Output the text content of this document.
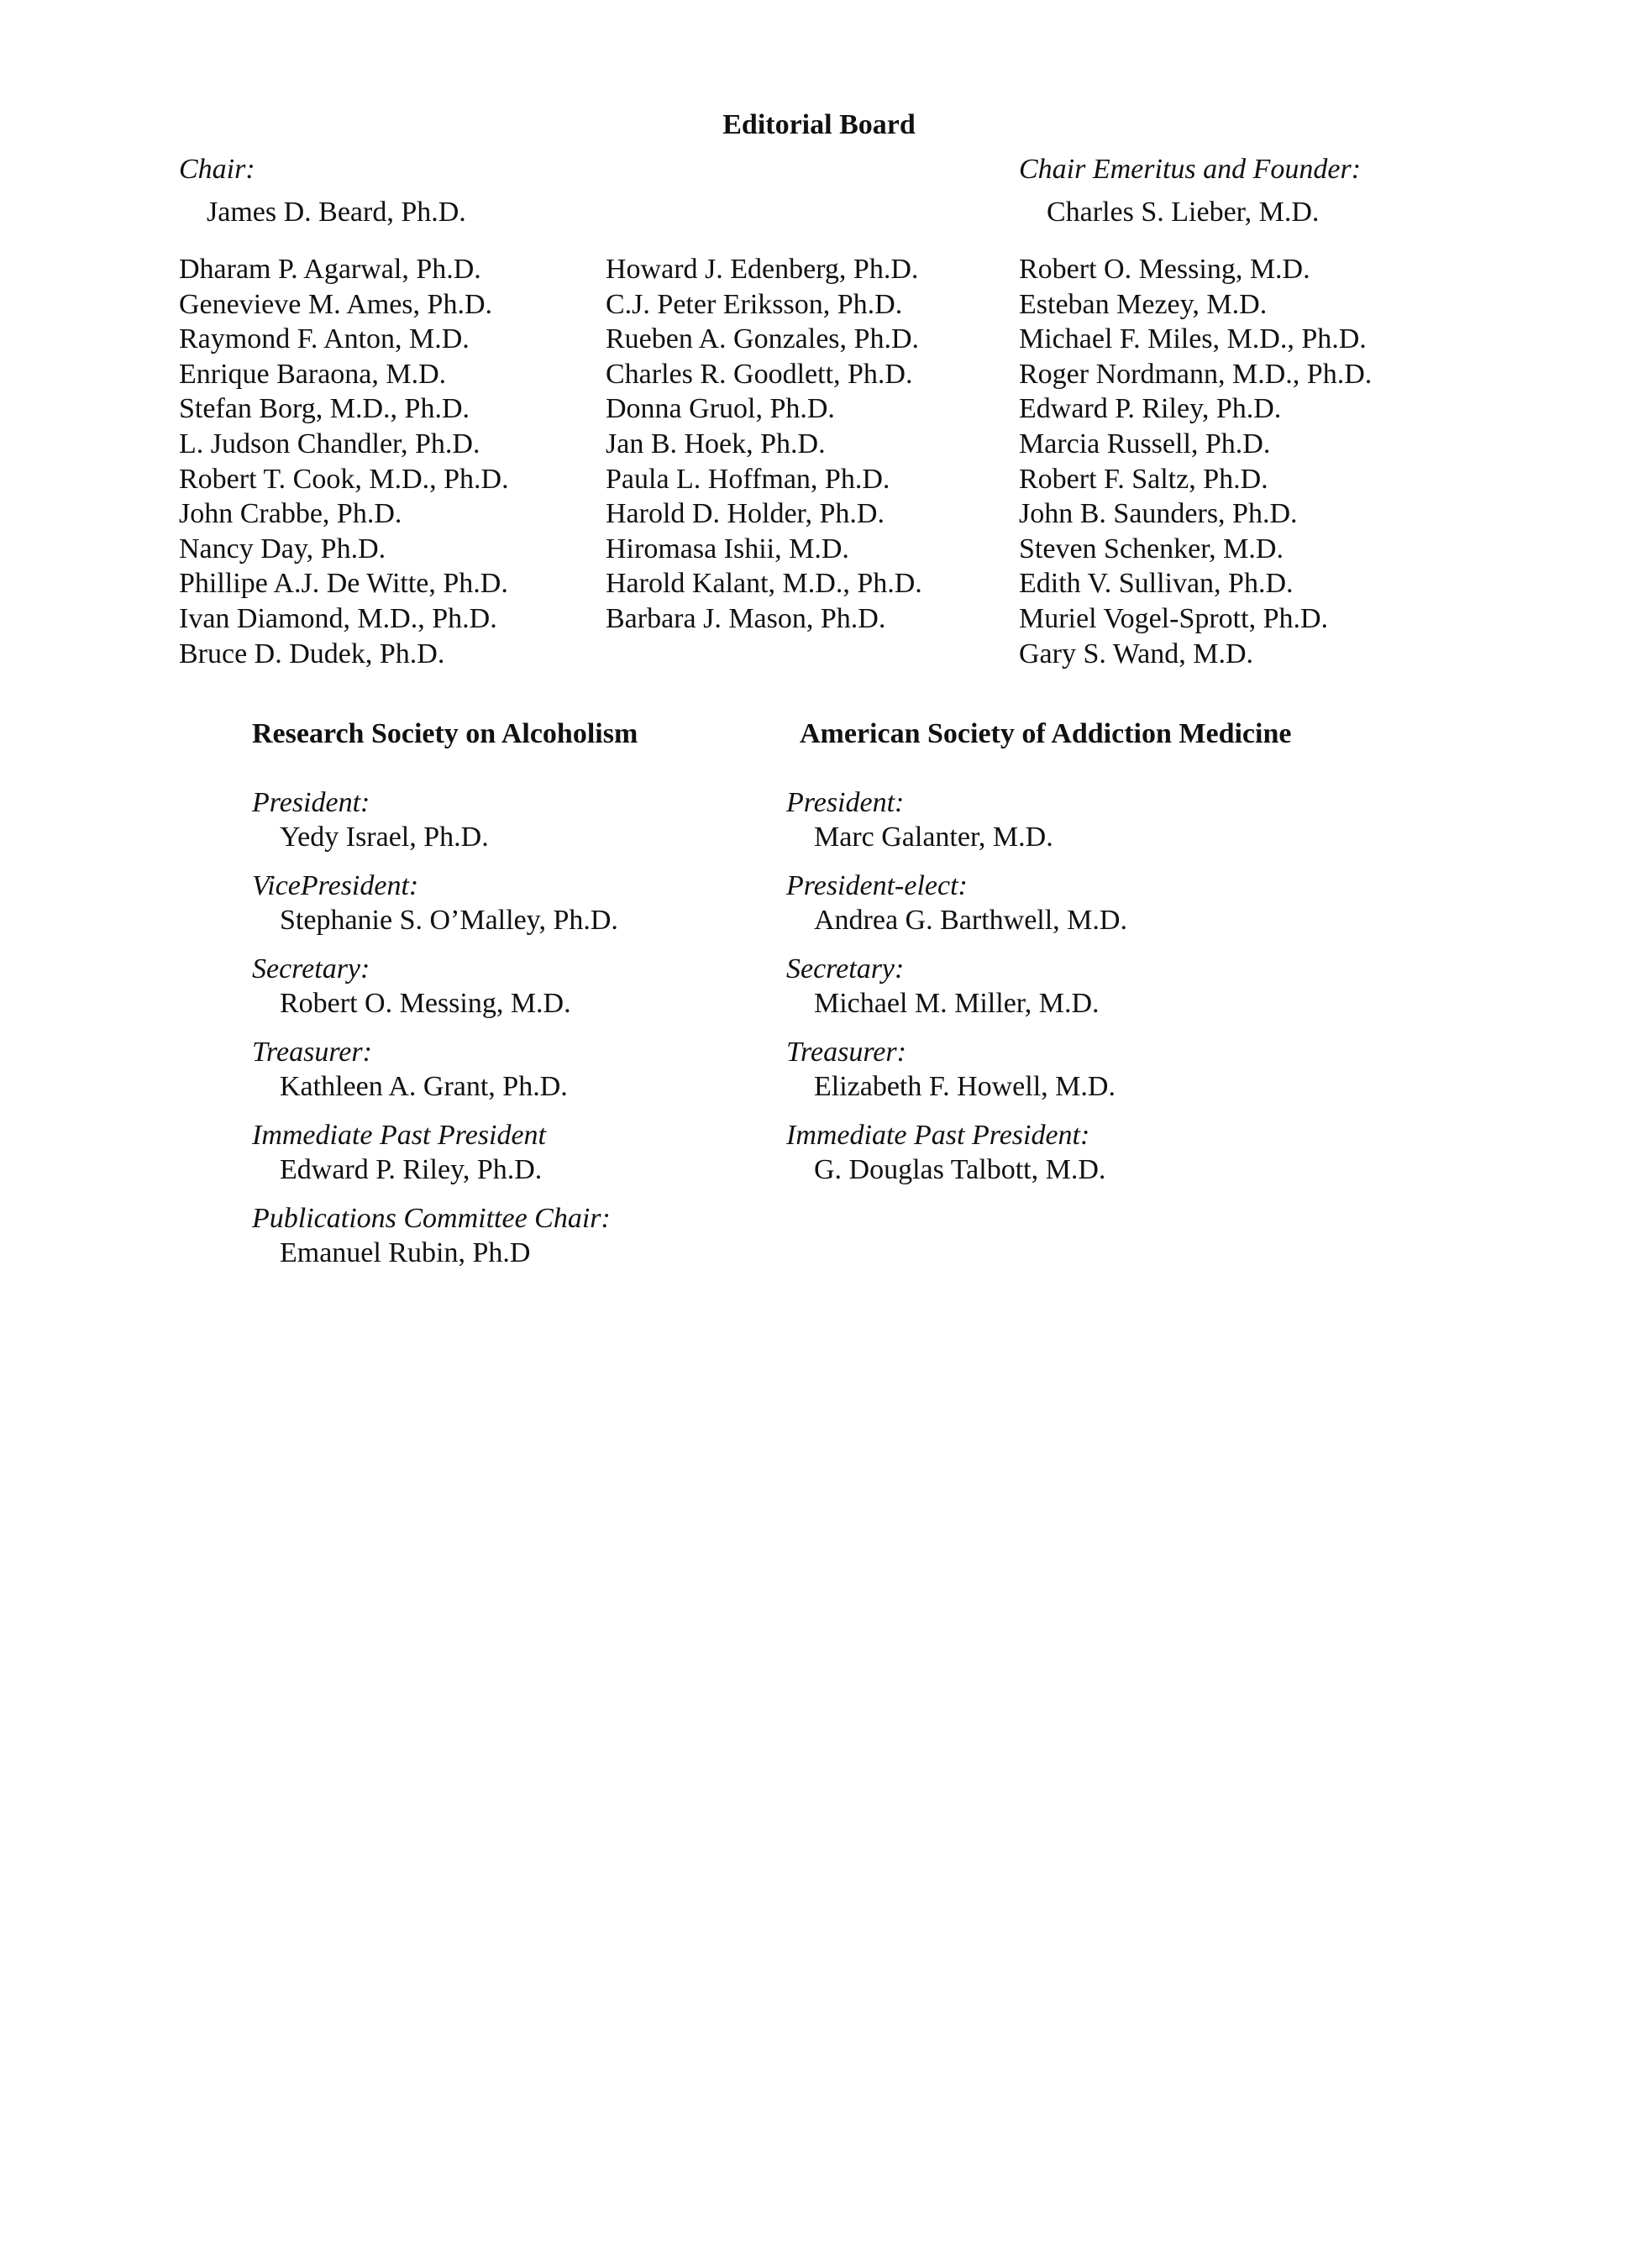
Editorial Board
Chair:
James D. Beard, Ph.D.
Chair Emeritus and Founder:
Charles S. Lieber, M.D.
Dharam P. Agarwal, Ph.D.
Genevieve M. Ames, Ph.D.
Raymond F. Anton, M.D.
Enrique Baraona, M.D.
Stefan Borg, M.D., Ph.D.
L. Judson Chandler, Ph.D.
Robert T. Cook, M.D., Ph.D.
John Crabbe, Ph.D.
Nancy Day, Ph.D.
Phillipe A.J. De Witte, Ph.D.
Ivan Diamond, M.D., Ph.D.
Bruce D. Dudek, Ph.D.
Howard J. Edenberg, Ph.D.
C.J. Peter Eriksson, Ph.D.
Rueben A. Gonzales, Ph.D.
Charles R. Goodlett, Ph.D.
Donna Gruol, Ph.D.
Jan B. Hoek, Ph.D.
Paula L. Hoffman, Ph.D.
Harold D. Holder, Ph.D.
Hiromasa Ishii, M.D.
Harold Kalant, M.D., Ph.D.
Barbara J. Mason, Ph.D.
Robert O. Messing, M.D.
Esteban Mezey, M.D.
Michael F. Miles, M.D., Ph.D.
Roger Nordmann, M.D., Ph.D.
Edward P. Riley, Ph.D.
Marcia Russell, Ph.D.
Robert F. Saltz, Ph.D.
John B. Saunders, Ph.D.
Steven Schenker, M.D.
Edith V. Sullivan, Ph.D.
Muriel Vogel-Sprott, Ph.D.
Gary S. Wand, M.D.
Research Society on Alcoholism
President:
Yedy Israel, Ph.D.
VicePresident:
Stephanie S. O’Malley, Ph.D.
Secretary:
Robert O. Messing, M.D.
Treasurer:
Kathleen A. Grant, Ph.D.
Immediate Past President
Edward P. Riley, Ph.D.
Publications Committee Chair:
Emanuel Rubin, Ph.D
American Society of Addiction Medicine
President:
Marc Galanter, M.D.
President-elect:
Andrea G. Barthwell, M.D.
Secretary:
Michael M. Miller, M.D.
Treasurer:
Elizabeth F. Howell, M.D.
Immediate Past President:
G. Douglas Talbott, M.D.
